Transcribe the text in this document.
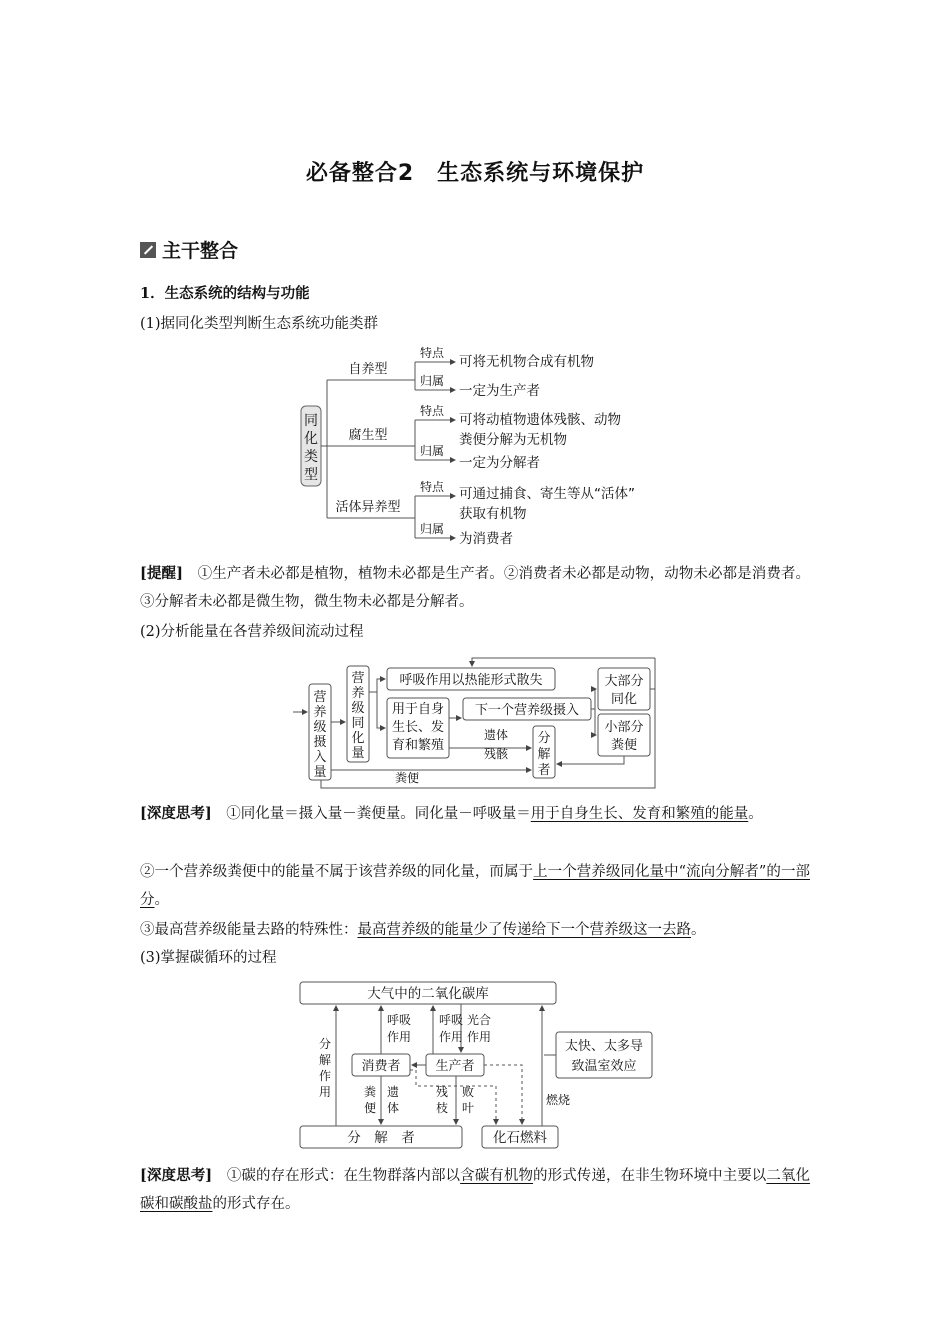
必备整合2　生态系统与环境保护
主干整合
1．生态系统的结构与功能
(1)据同化类型判断生态系统功能类群
同
化
类
型
自养型
腐生型
活体异养型
特点
归属
特点
归属
特点
归属
可将无机物合成有机物
一定为生产者
可将动植物遗体残骸、动物
粪便分解为无机物
一定为分解者
可通过捕食、寄生等从“活体”
获取有机物
为消费者
[提醒]　 ①生产者未必都是植物，植物未必都是生产者。②消费者未必都是动物，动物未必都是消费者。③分解者未必都是微生物，微生物未必都是分解者。
(2)分析能量在各营养级间流动过程
营
养
级
摄
入
量
营
养
级
同
化
量
呼吸作用以热能形式散失
用于自身
生长、发
育和繁殖
下一个营养级摄入
遗体
残骸
分
解
者
大部分
同化
小部分
粪便
粪便
[深度思考]　 ①同化量＝摄入量－粪便量。同化量－呼吸量＝用于自身生长、发育和繁殖的能量。
②一个营养级粪便中的能量不属于该营养级的同化量，而属于上一个营养级同化量中“流向分解者”的一部分。
③最高营养级能量去路的特殊性：最高营养级的能量少了传递给下一个营养级这一去路。
(3)掌握碳循环的过程
大气中的二氧化碳库
分
解
作
用
呼吸
作用
呼吸
作用
光合
作用
消费者	生产者
太快、太多导
致温室效应
粪
便
遗
体
残
枝
败
叶
燃烧
分　解　者	化石燃料
[深度思考]　 ①碳的存在形式：在生物群落内部以含碳有机物的形式传递，在非生物环境中主要以二氧化碳和碳酸盐的形式存在。
